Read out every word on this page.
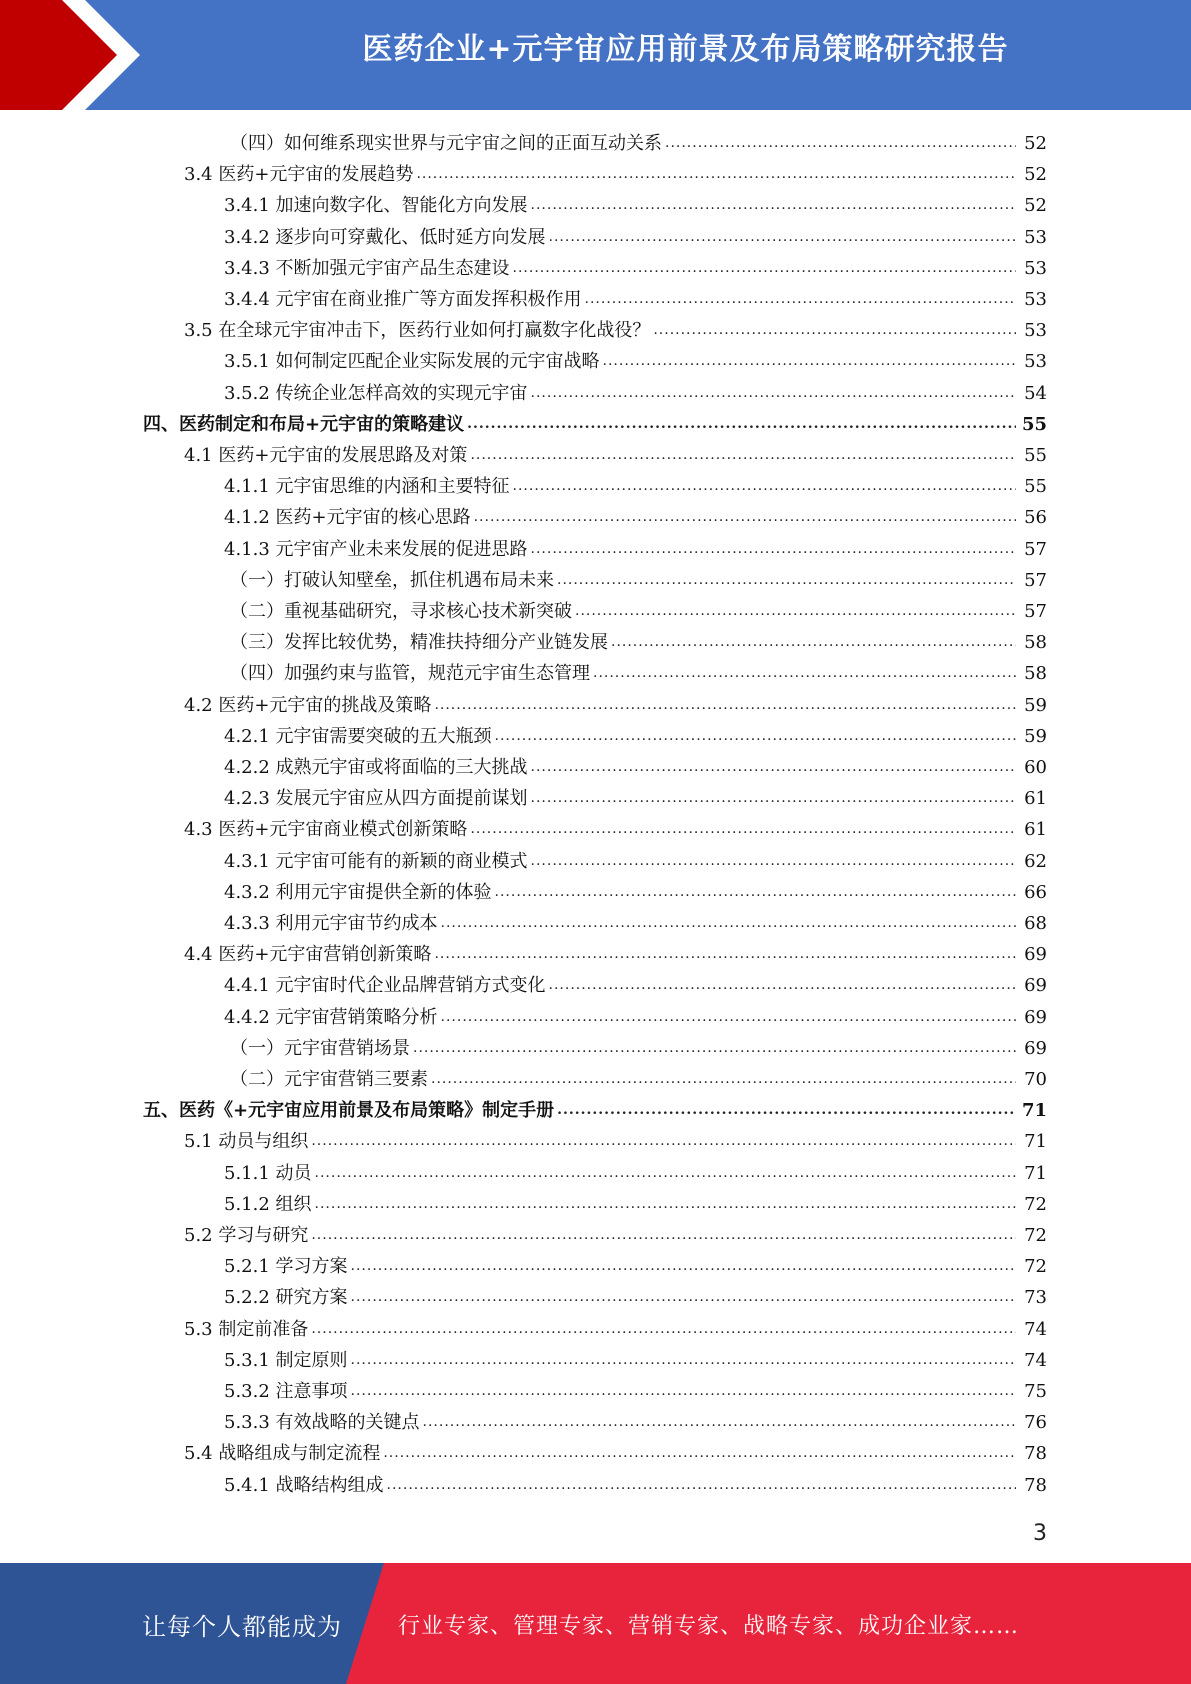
医药企业+元宇宙应用前景及布局策略研究报告
（四）如何维系现实世界与元宇宙之间的正面互动关系 .....	52
3.4 医药+元宇宙的发展趋势 .....	52
3.4.1 加速向数字化、智能化方向发展 .....	52
3.4.2 逐步向可穿戴化、低时延方向发展 .....	53
3.4.3 不断加强元宇宙产品生态建设 .....	53
3.4.4 元宇宙在商业推广等方面发挥积极作用 .....	53
3.5 在全球元宇宙冲击下，医药行业如何打赢数字化战役？ .....	53
3.5.1 如何制定匹配企业实际发展的元宇宙战略 .....	53
3.5.2 传统企业怎样高效的实现元宇宙 .....	54
四、医药制定和布局+元宇宙的策略建议 .....	55
4.1 医药+元宇宙的发展思路及对策 .....	55
4.1.1 元宇宙思维的内涵和主要特征 .....	55
4.1.2 医药+元宇宙的核心思路 .....	56
4.1.3 元宇宙产业未来发展的促进思路 .....	57
（一）打破认知壁垒，抓住机遇布局未来 .....	57
（二）重视基础研究，寻求核心技术新突破 .....	57
（三）发挥比较优势，精准扶持细分产业链发展 .....	58
（四）加强约束与监管，规范元宇宙生态管理 .....	58
4.2 医药+元宇宙的挑战及策略 .....	59
4.2.1 元宇宙需要突破的五大瓶颈 .....	59
4.2.2 成熟元宇宙或将面临的三大挑战 .....	60
4.2.3 发展元宇宙应从四方面提前谋划 .....	61
4.3 医药+元宇宙商业模式创新策略 .....	61
4.3.1 元宇宙可能有的新颖的商业模式 .....	62
4.3.2 利用元宇宙提供全新的体验 .....	66
4.3.3 利用元宇宙节约成本 .....	68
4.4 医药+元宇宙营销创新策略 .....	69
4.4.1 元宇宙时代企业品牌营销方式变化 .....	69
4.4.2 元宇宙营销策略分析 .....	69
（一）元宇宙营销场景 .....	69
（二）元宇宙营销三要素 .....	70
五、医药《+元宇宙应用前景及布局策略》制定手册 .....	71
5.1 动员与组织 .....	71
5.1.1 动员 .....	71
5.1.2 组织 .....	72
5.2 学习与研究 .....	72
5.2.1 学习方案 .....	72
5.2.2 研究方案 .....	73
5.3 制定前准备 .....	74
5.3.1 制定原则 .....	74
5.3.2 注意事项 .....	75
5.3.3 有效战略的关键点 .....	76
5.4 战略组成与制定流程 .....	78
5.4.1 战略结构组成 .....	78
3
让每个人都能成为	行业专家、管理专家、营销专家、战略专家、成功企业家……
